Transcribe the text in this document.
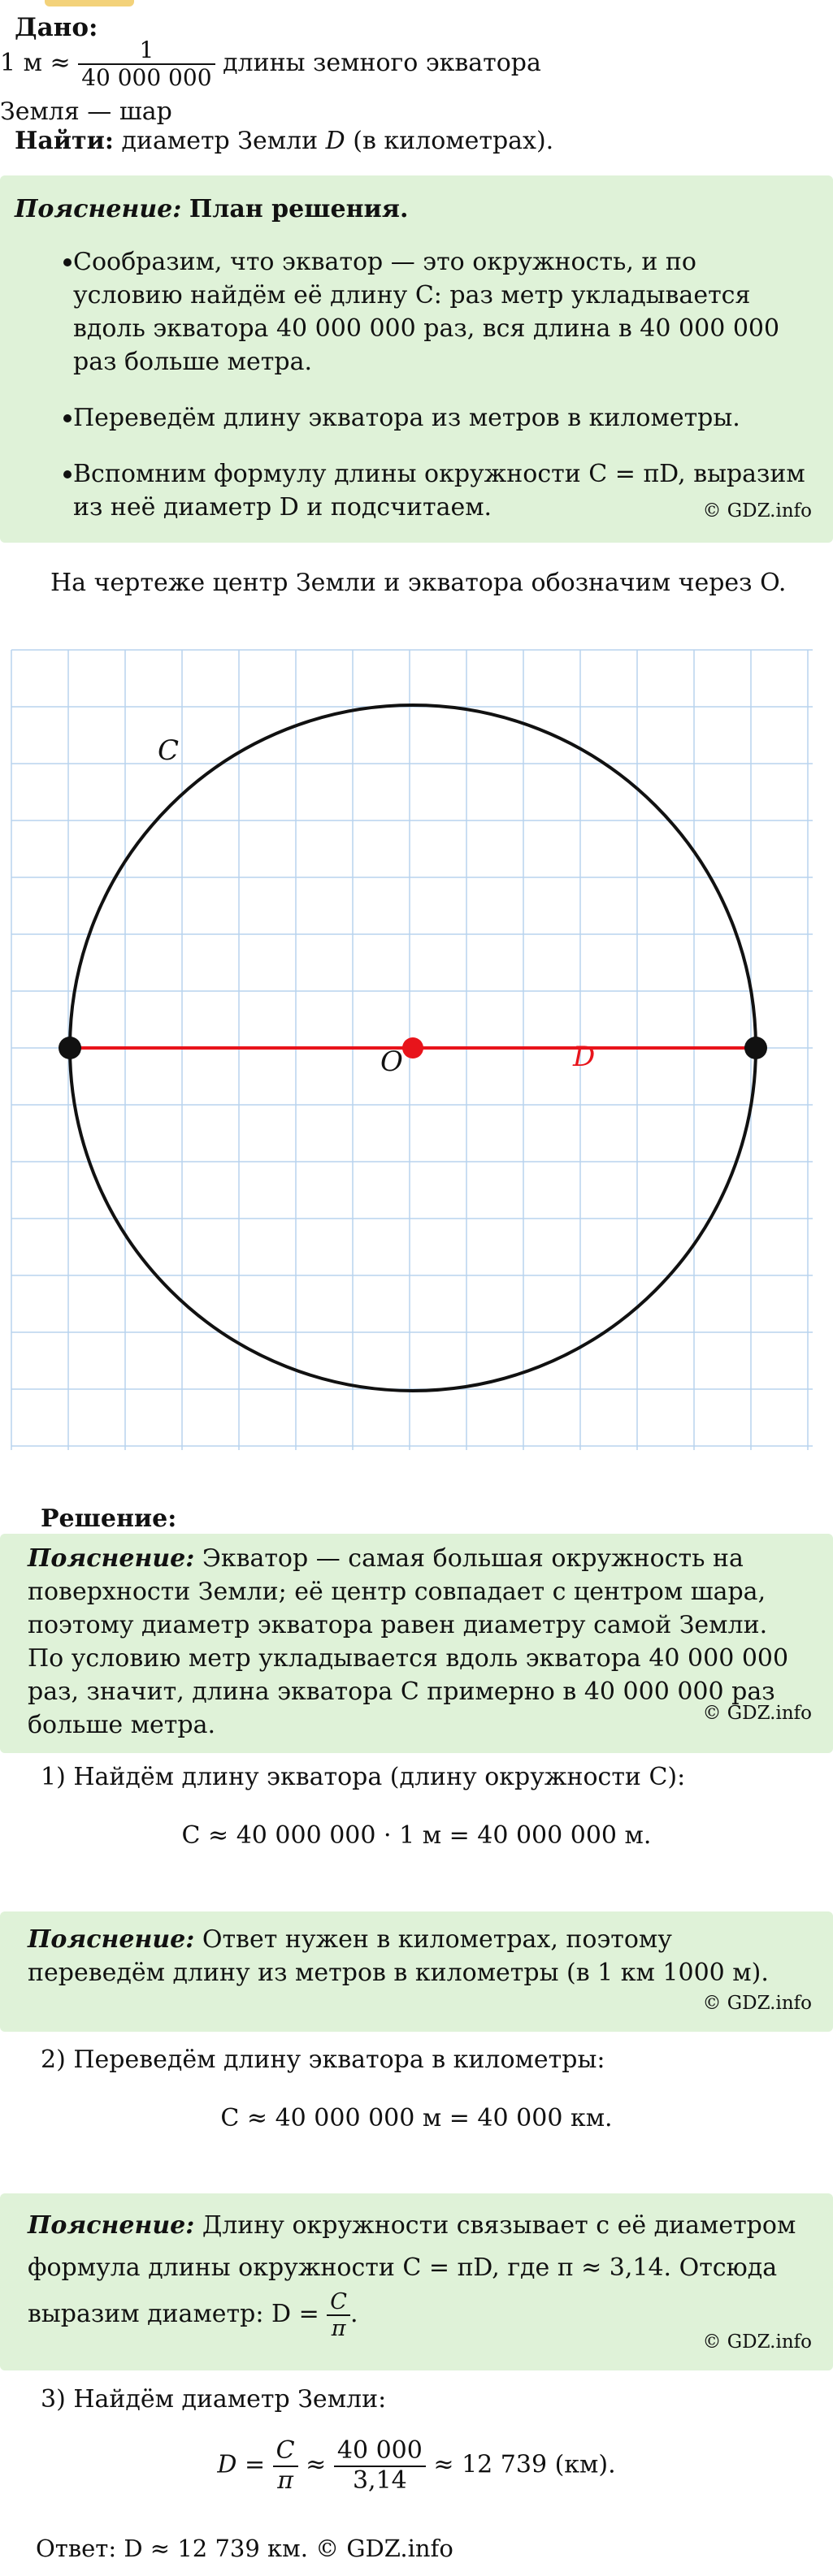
Дано:
1 $м \approx \frac{1}{40 000 000}$ длины земного экватора
Земля — шар
Найти: диаметр Земли D (в километрах).
Пояснение: План решения.
Сообразим, что экватор — это окружность, и по условию найдём её длину C: раз метр укладывается вдоль экватора 40 000 000 раз, вся длина в 40 000 000 раз больше метра.
Переведём длину экватора из метров в километры.
Вспомним формулу длины окружности C = πD, выразим из неё диаметр D и подсчитаем.	© GDZ.info
На чертеже центр Земли и экватора обозначим через O.
C
O	D
Решение:
Пояснение: Экватор — самая большая окружность на поверхности Земли; её центр совпадает с центром шара, поэтому диаметр экватора равен диаметру самой Земли. По условию метр укладывается вдоль экватора 40 000 000 раз, значит, длина экватора C примерно в 40 000 000 раз больше метра.	© GDZ.info
1) Найдём длину экватора (длину окружности C):
C ≈ 40 000 000 · 1 м = 40 000 000 м.
Пояснение: Ответ нужен в километрах, поэтому переведём длину из метров в километры (в 1 км 1000 м).
© GDZ.info
2) Переведём длину экватора в километры:
C ≈ 40 000 000 м = 40 000 км.
Пояснение: Длину окружности связывает с её диаметром формула длины окружности C = πD, где π ≈ 3,14. Отсюда выразим диаметр: $D = \frac{C}{\pi}$ .
© GDZ.info
3) Найдём диаметр Земли:
$D = \frac{C}{\pi} \approx \frac{40 000}{3,14} \approx 12$ 739 (км).
Ответ: D ≈ 12 739 км. © GDZ.info
